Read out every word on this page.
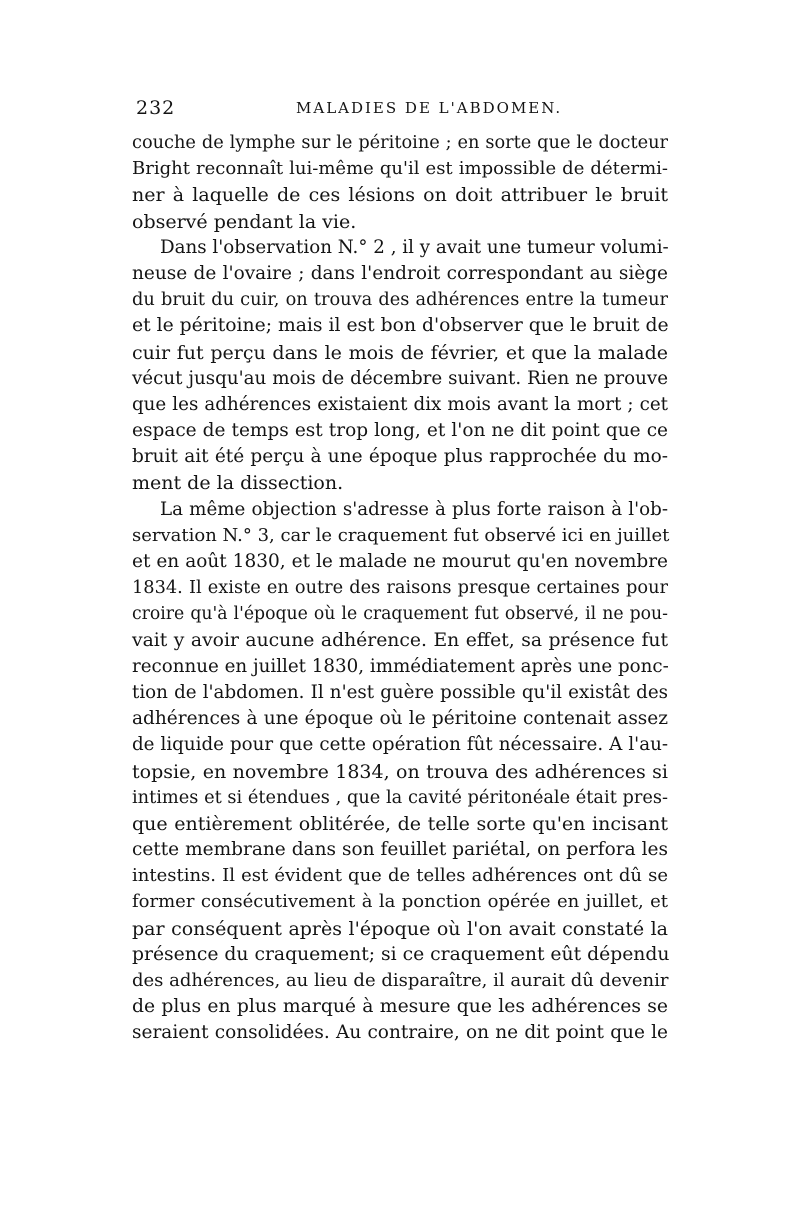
232	MALADIES DE L'ABDOMEN.
couche de lymphe sur le péritoine ; en sorte que le docteur
Bright reconnaît lui-même qu'il est impossible de détermi-
ner à laquelle de ces lésions on doit attribuer le bruit
observé pendant la vie.
Dans l'observation N.° 2 , il y avait une tumeur volumi-
neuse de l'ovaire ; dans l'endroit correspondant au siège
du bruit du cuir, on trouva des adhérences entre la tumeur
et le péritoine; mais il est bon d'observer que le bruit de
cuir fut perçu dans le mois de février, et que la malade
vécut jusqu'au mois de décembre suivant. Rien ne prouve
que les adhérences existaient dix mois avant la mort ; cet
espace de temps est trop long, et l'on ne dit point que ce
bruit ait été perçu à une époque plus rapprochée du mo-
ment de la dissection.
La même objection s'adresse à plus forte raison à l'ob-
servation N.° 3, car le craquement fut observé ici en juillet
et en août 1830, et le malade ne mourut qu'en novembre
1834. Il existe en outre des raisons presque certaines pour
croire qu'à l'époque où le craquement fut observé, il ne pou-
vait y avoir aucune adhérence. En effet, sa présence fut
reconnue en juillet 1830, immédiatement après une ponc-
tion de l'abdomen. Il n'est guère possible qu'il existât des
adhérences à une époque où le péritoine contenait assez
de liquide pour que cette opération fût nécessaire. A l'au-
topsie, en novembre 1834, on trouva des adhérences si
intimes et si étendues , que la cavité péritonéale était pres-
que entièrement oblitérée, de telle sorte qu'en incisant
cette membrane dans son feuillet pariétal, on perfora les
intestins. Il est évident que de telles adhérences ont dû se
former consécutivement à la ponction opérée en juillet, et
par conséquent après l'époque où l'on avait constaté la
présence du craquement; si ce craquement eût dépendu
des adhérences, au lieu de disparaître, il aurait dû devenir
de plus en plus marqué à mesure que les adhérences se
seraient consolidées. Au contraire, on ne dit point que le
